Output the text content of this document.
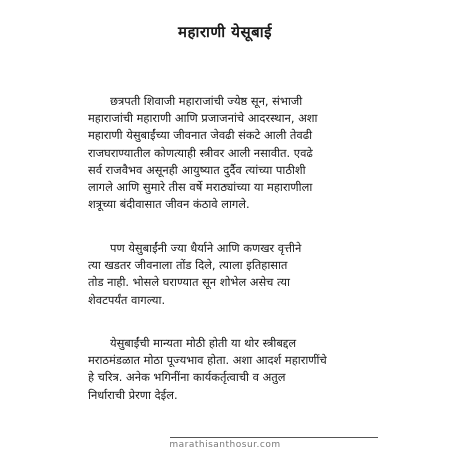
महाराणी येसूबाई
छत्रपती शिवाजी महाराजांची ज्येष्ठ सून, संभाजी
महाराजांची महाराणी आणि प्रजाजनांचे आदरस्थान, अशा
महाराणी येसुबाईंच्या जीवनात जेवढी संकटे आली तेवढी
राजघराण्यातील कोणत्याही स्त्रीवर आली नसावीत. एवढे
सर्व राजवैभव असूनही आयुष्यात दुर्दैव त्यांच्या पाठीशी
लागले आणि सुमारे तीस वर्षे मराठ्यांच्या या महाराणीला
शत्रूच्या बंदीवासात जीवन कंठावे लागले.
पण येसुबाईंनी ज्या धैर्याने आणि कणखर वृत्तीने
त्या खडतर जीवनाला तोंड दिले, त्याला इतिहासात
तोड नाही. भोसले घराण्यात सून शोभेल असेच त्या
शेवटपर्यंत वागल्या.
येसुबाईंची मान्यता मोठी होती या थोर स्त्रीबद्दल
मराठमंडळात मोठा पूज्यभाव होता. अशा आदर्श महाराणींचे
हे चरित्र. अनेक भगिनींना कार्यकर्तृत्वाची व अतुल
निर्धाराची प्रेरणा देईल.
marathisanthosur.com
